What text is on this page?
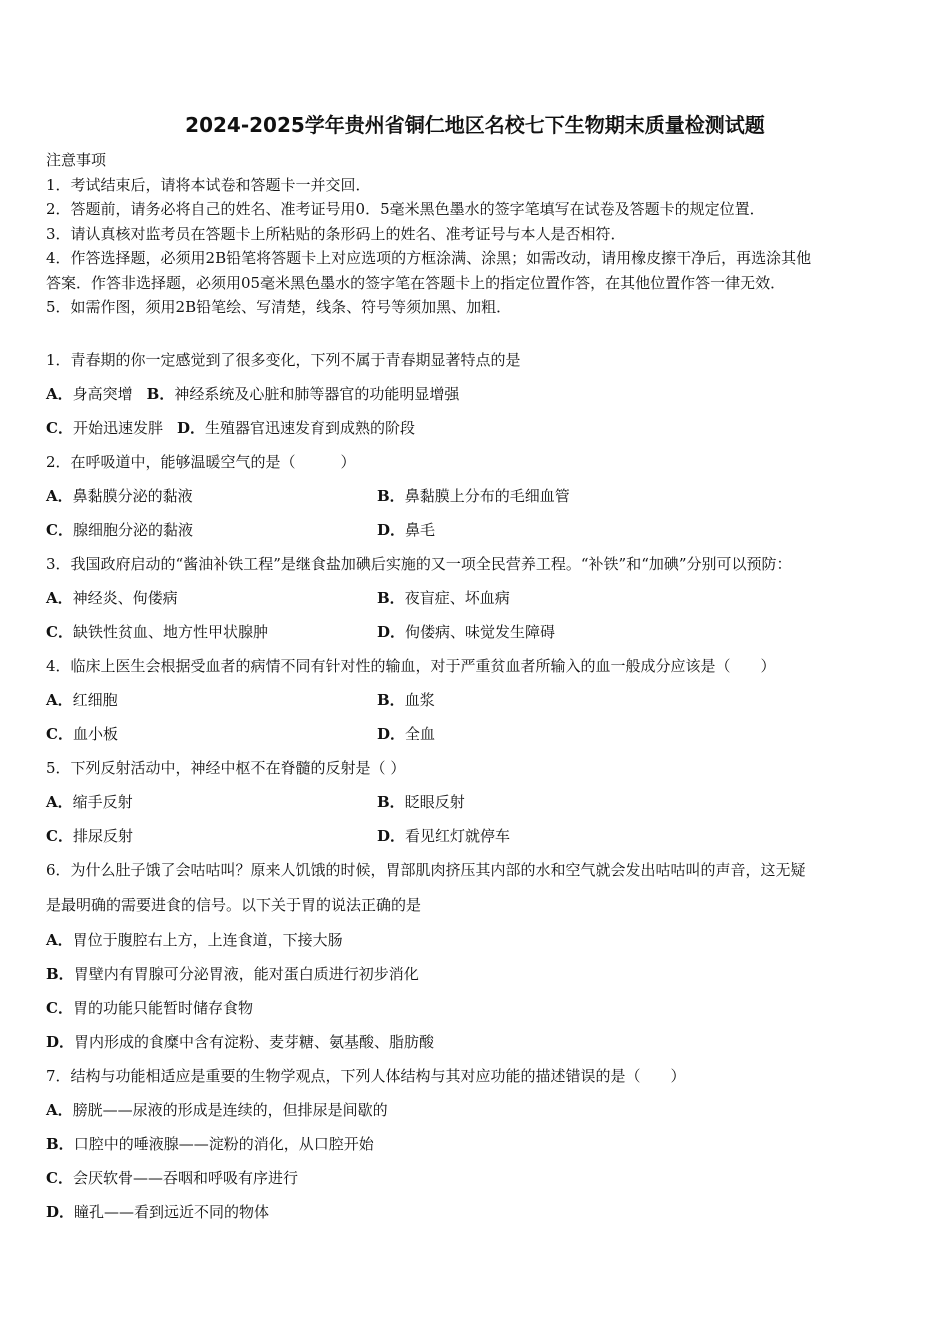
2024-2025学年贵州省铜仁地区名校七下生物期末质量检测试题
注意事项
1．考试结束后，请将本试卷和答题卡一并交回．
2．答题前，请务必将自己的姓名、准考证号用0．5毫米黑色墨水的签字笔填写在试卷及答题卡的规定位置．
3．请认真核对监考员在答题卡上所粘贴的条形码上的姓名、准考证号与本人是否相符．
4．作答选择题，必须用2B铅笔将答题卡上对应选项的方框涂满、涂黑；如需改动，请用橡皮擦干净后，再选涂其他
答案．作答非选择题，必须用05毫米黑色墨水的签字笔在答题卡上的指定位置作答，在其他位置作答一律无效．
5．如需作图，须用2B铅笔绘、写清楚，线条、符号等须加黑、加粗．
1．青春期的你一定感觉到了很多变化，下列不属于青春期显著特点的是
A．身高突增 B．神经系统及心脏和肺等器官的功能明显增强
C．开始迅速发胖 D．生殖器官迅速发育到成熟的阶段
2．在呼吸道中，能够温暖空气的是（　　　）
A．鼻黏膜分泌的黏液	B．鼻黏膜上分布的毛细血管
C．腺细胞分泌的黏液	D．鼻毛
3．我国政府启动的“酱油补铁工程”是继食盐加碘后实施的又一项全民营养工程。“补铁”和“加碘”分别可以预防：
A．神经炎、佝偻病	B．夜盲症、坏血病
C．缺铁性贫血、地方性甲状腺肿	D．佝偻病、味觉发生障碍
4．临床上医生会根据受血者的病情不同有针对性的输血，对于严重贫血者所输入的血一般成分应该是（　　）
A．红细胞	B．血浆
C．血小板	D．全血
5．下列反射活动中，神经中枢不在脊髓的反射是（ ）
A．缩手反射	B．眨眼反射
C．排尿反射	D．看见红灯就停车
6．为什么肚子饿了会咕咕叫？原来人饥饿的时候，胃部肌肉挤压其内部的水和空气就会发出咕咕叫的声音，这无疑
是最明确的需要进食的信号。以下关于胃的说法正确的是
A．胃位于腹腔右上方，上连食道，下接大肠
B．胃壁内有胃腺可分泌胃液，能对蛋白质进行初步消化
C．胃的功能只能暂时储存食物
D．胃内形成的食糜中含有淀粉、麦芽糖、氨基酸、脂肪酸
7．结构与功能相适应是重要的生物学观点，下列人体结构与其对应功能的描述错误的是（　　）
A．膀胱——尿液的形成是连续的，但排尿是间歇的
B．口腔中的唾液腺——淀粉的消化，从口腔开始
C．会厌软骨——吞咽和呼吸有序进行
D．瞳孔——看到远近不同的物体
